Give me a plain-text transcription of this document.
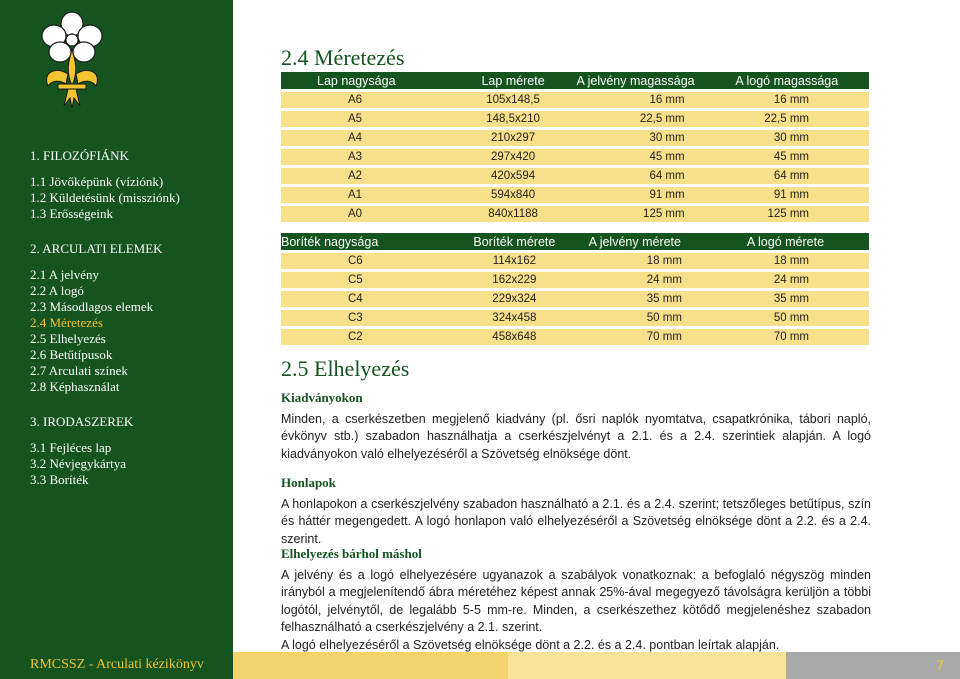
1. FILOZÓFIÁNK
1.1 Jövőképünk (víziónk)
1.2 Küldetésünk (missziónk)
1.3 Erősségeink
2. ARCULATI ELEMEK
2.1 A jelvény
2.2 A logó
2.3 Másodlagos elemek
2.4 Méretezés
2.5 Elhelyezés
2.6 Betűtípusok
2.7 Arculati színek
2.8 Képhasználat
3. IRODASZEREK
3.1 Fejléces lap
3.2 Névjegykártya
3.3 Boríték
2.4 Méretezés
Lap nagysága	Lap mérete	A jelvény magassága	A logó magassága
A6	105x148,5	16 mm	16 mm
A5	148,5x210	22,5 mm	22,5 mm
A4	210x297	30 mm	30 mm
A3	297x420	45 mm	45 mm
A2	420x594	64 mm	64 mm
A1	594x840	91 mm	91 mm
A0	840x1188	125 mm	125 mm
Boríték nagysága	Boríték mérete	A jelvény mérete	A logó mérete
C6	114x162	18 mm	18 mm
C5	162x229	24 mm	24 mm
C4	229x324	35 mm	35 mm
C3	324x458	50 mm	50 mm
C2	458x648	70 mm	70 mm
2.5 Elhelyezés
Kiadványokon

Minden, a cserkészetben megjelenő kiadvány (pl. ősri naplók nyomtatva, csapatkrónika, tábori napló, évkönyv stb.) szabadon használhatja a cserkészjelvényt a 2.1. és a 2.4. szerintiek alapján. A logó kiadványokon való elhelyezéséről a Szövetség elnöksége dönt.

Honlapok

A honlapokon a cserkészjelvény szabadon használható a 2.1. és a 2.4. szerint; tetszőleges betűtípus, szín és háttér megengedett. A logó honlapon való elhelyezéséről a Szövetség elnöksége dönt a 2.2. és a 2.4. szerint.

Elhelyezés bárhol máshol

A jelvény és a logó elhelyezésére ugyanazok a szabályok vonatkoznak: a befoglaló négyszög minden irányból a megjelenítendő ábra méretéhez képest annak 25%-ával megegyező távolságra kerüljön a többi logótól, jelvénytől, de legalább 5-5 mm-re. Minden, a cserkészethez kötődő megjelenéshez szabadon felhasználható a cserkészjelvény a 2.1. szerint.

A logó elhelyezéséről a Szövetség elnöksége dönt a 2.2. és a 2.4. pontban leírtak alapján.

RMCSSZ - Arculati kézikönyv	7
